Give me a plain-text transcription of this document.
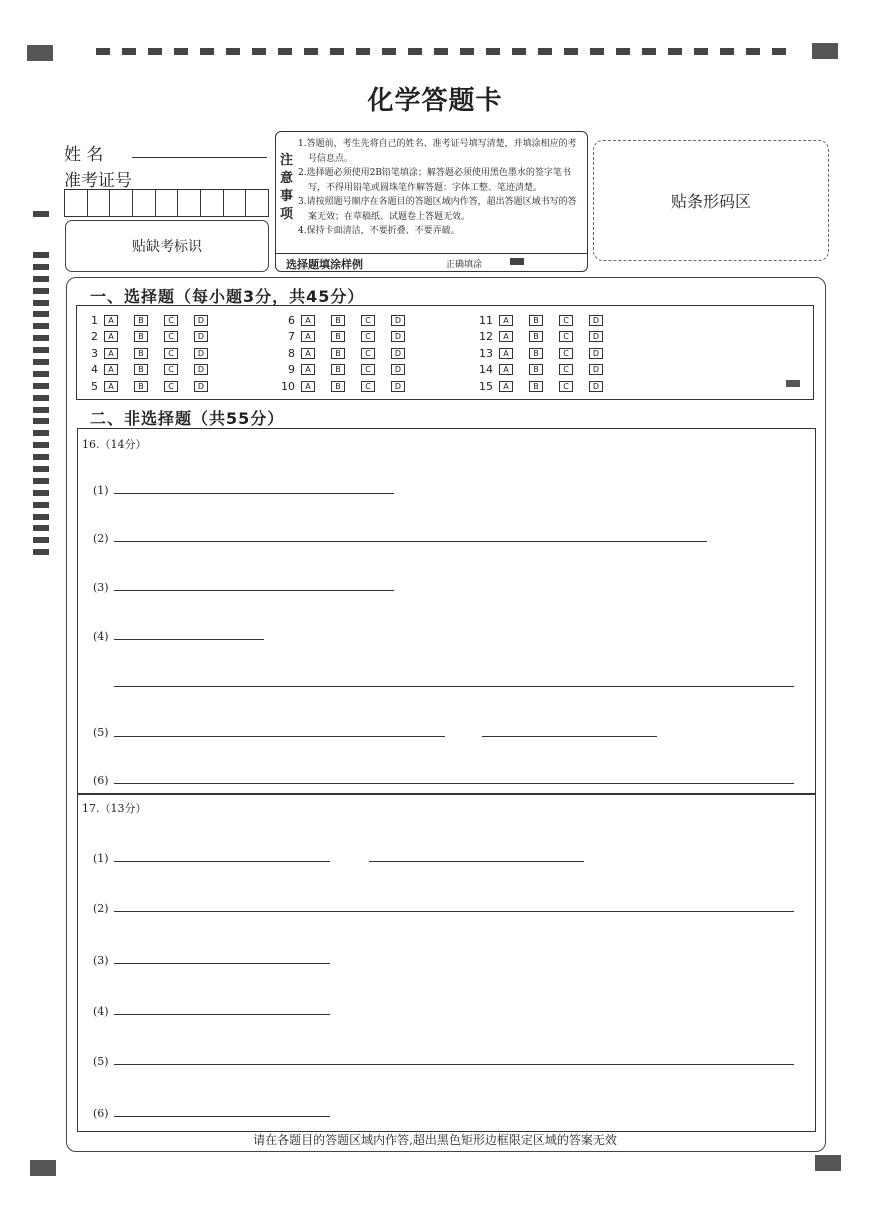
化学答题卡
姓 名
准考证号
贴缺考标识
注意事项
1.答题前，考生先将自己的姓名、准考证号填写清楚，并填涂相应的考号信息点。
2.选择题必须使用2B铅笔填涂；解答题必须使用黑色墨水的签字笔书写，不得用铅笔或圆珠笔作解答题：字体工整、笔迹清楚。
3.请按照题号顺序在各题目的答题区域内作答，超出答题区域书写的答案无效；在草稿纸、试题卷上答题无效。
4.保持卡面清洁，不要折叠、不要弄破。
选择题填涂样例	正确填涂
贴条形码区
一、选择题（每小题3分，共45分）
1	A	B	C	D
2	A	B	C	D
3	A	B	C	D
4	A	B	C	D
5	A	B	C	D
6	A	B	C	D
7	A	B	C	D
8	A	B	C	D
9	A	B	C	D
10	A	B	C	D
11	A	B	C	D
12	A	B	C	D
13	A	B	C	D
14	A	B	C	D
15	A	B	C	D
二、非选择题（共55分）
16.（14分）
(1)
(2)
(3)
(4)
(5)
(6)
17.（13分）
(1)
(2)
(3)
(4)
(5)
(6)
请在各题目的答题区域内作答,超出黑色矩形边框限定区域的答案无效
